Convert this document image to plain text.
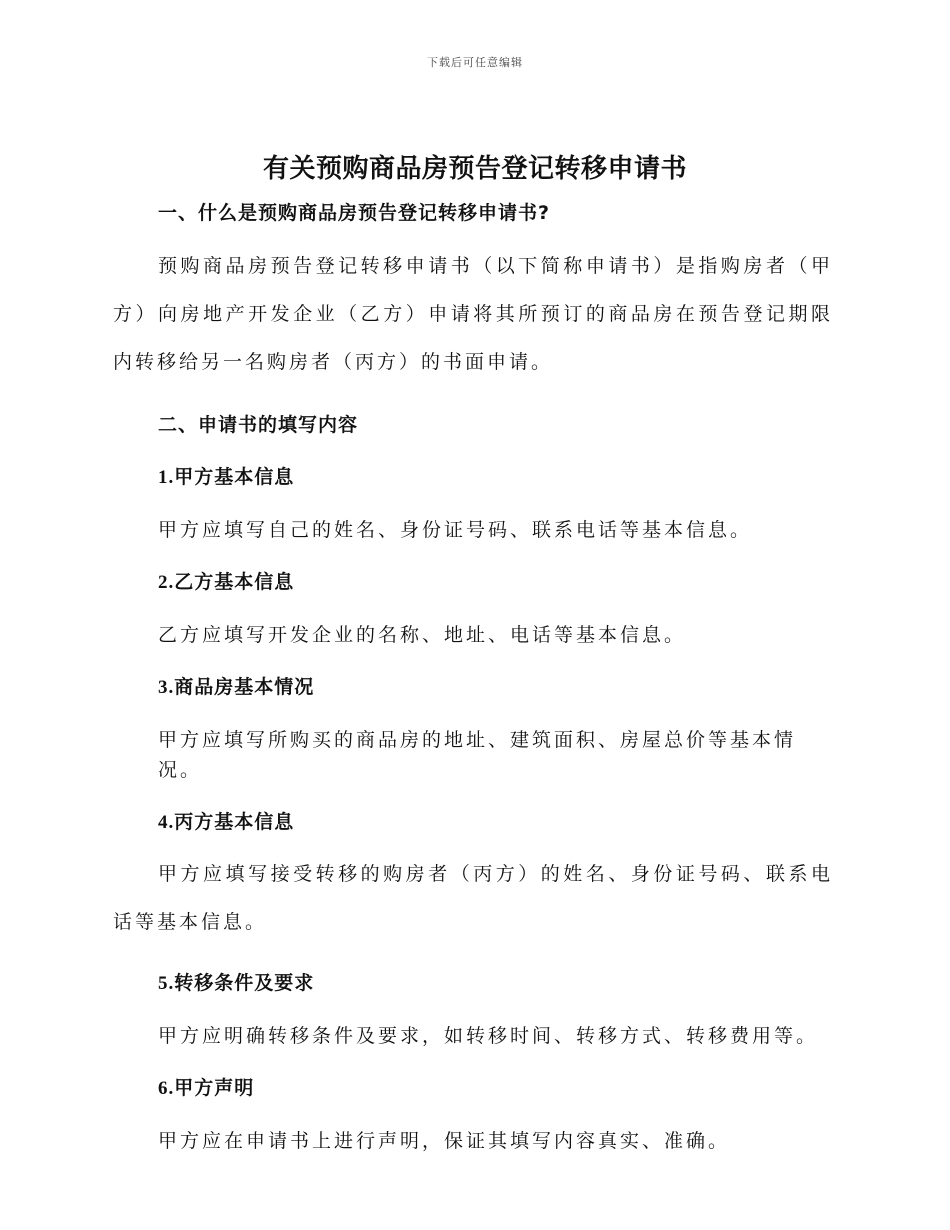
下载后可任意编辑
有关预购商品房预告登记转移申请书

一、什么是预购商品房预告登记转移申请书?

预购商品房预告登记转移申请书（以下简称申请书）是指购房者（甲方）向房地产开发企业（乙方）申请将其所预订的商品房在预告登记期限内转移给另一名购房者（丙方）的书面申请。

二、申请书的填写内容

1.甲方基本信息

甲方应填写自己的姓名、身份证号码、联系电话等基本信息。

2.乙方基本信息

乙方应填写开发企业的名称、地址、电话等基本信息。

3.商品房基本情况

甲方应填写所购买的商品房的地址、建筑面积、房屋总价等基本情况。

4.丙方基本信息

甲方应填写接受转移的购房者（丙方）的姓名、身份证号码、联系电话等基本信息。

5.转移条件及要求

甲方应明确转移条件及要求，如转移时间、转移方式、转移费用等。

6.甲方声明

甲方应在申请书上进行声明，保证其填写内容真实、准确。
